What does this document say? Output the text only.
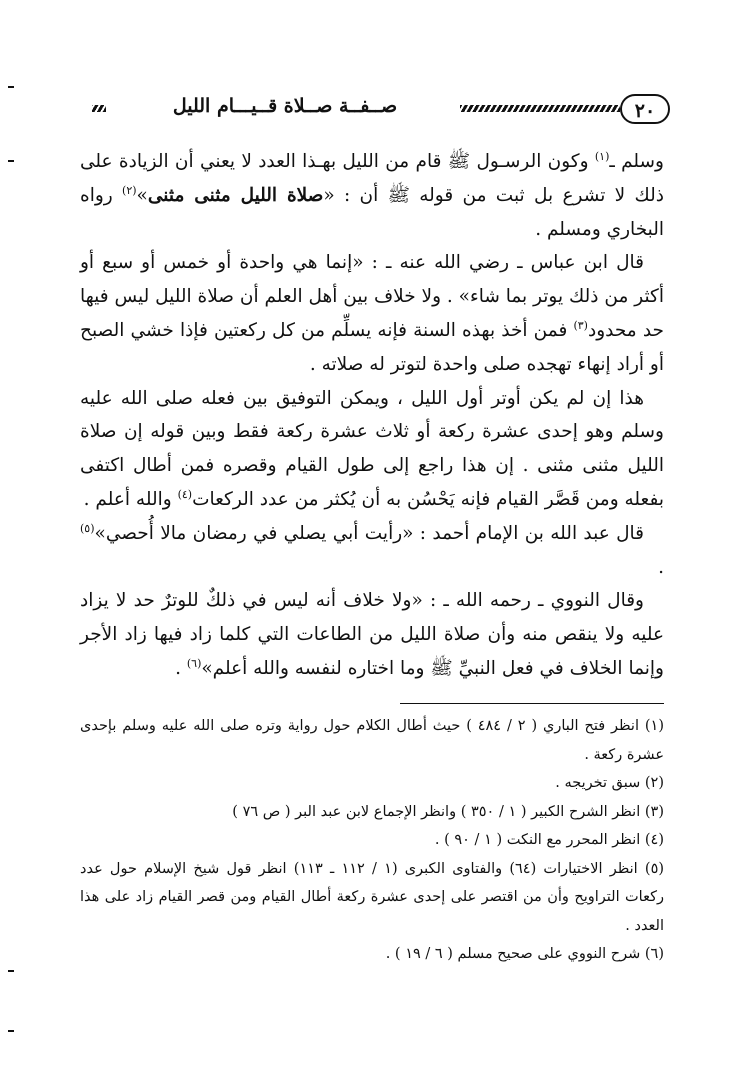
٢٠
صــفــة صــلاة قــيـــام الليل

وسلم ـ$^{(١)}$ وكون الرسـول ﷺ قام من الليل بهـذا العدد لا يعني أن الزيادة على ذلك لا تشرع بل ثبت من قوله ﷺ أن : «صلاة الليل مثنى مثنى»$^{(٢)}$ رواه البخاري ومسلم .

قال ابن عباس ـ رضي الله عنه ـ : «إنما هي واحدة أو خمس أو سبع أو أكثر من ذلك يوتر بما شاء» . ولا خلاف بين أهل العلم أن صلاة الليل ليس فيها حد محدود$^{(٣)}$ فمن أخذ بهذه السنة فإنه يسلِّم من كل ركعتين فإذا خشي الصبح أو أراد إنهاء تهجده صلى واحدة لتوتر له صلاته .

هذا إن لم يكن أوتر أول الليل ، ويمكن التوفيق بين فعله صلى الله عليه وسلم وهو إحدى عشرة ركعة أو ثلاث عشرة ركعة فقط وبين قوله إن صلاة الليل مثنى مثنى . إن هذا راجع إلى طول القيام وقصره فمن أطال اكتفى بفعله ومن قَصَّر القيام فإنه يَحْسُن به أن يُكثر من عدد الركعات$^{(٤)}$ والله أعلم .

قال عبد الله بن الإمام أحمد : «رأيت أبي يصلي في رمضان مالا أُحصي»$^{(٥)}$ .

وقال النووي ـ رحمه الله ـ : «ولا خلاف أنه ليس في ذلكٌ للوترٌ حد لا يزاد عليه ولا ينقص منه وأن صلاة الليل من الطاعات التي كلما زاد فيها زاد الأجر وإنما الخلاف في فعل النبيِّ ﷺ وما اختاره لنفسه والله أعلم»$^{(٦)}$ .

(١) انظر فتح الباري ( ٢ / ٤٨٤ ) حيث أطال الكلام حول رواية وتره صلى الله عليه وسلم بإحدى عشرة ركعة .

(٢) سبق تخريجه .

(٣) انظر الشرح الكبير ( ١ / ٣٥٠ ) وانظر الإجماع لابن عبد البر ( ص ٧٦ )

(٤) انظر المحرر مع النكت ( ١ / ٩٠ ) .

(٥) انظر الاختيارات (٦٤) والفتاوى الكبرى (١ / ١١٢ ـ ١١٣) انظر قول شيخ الإسلام حول عدد ركعات التراويح وأن من اقتصر على إحدى عشرة ركعة أطال القيام ومن قصر القيام زاد على هذا العدد .

(٦) شرح النووي على صحيح مسلم ( ٦ / ١٩ ) .
